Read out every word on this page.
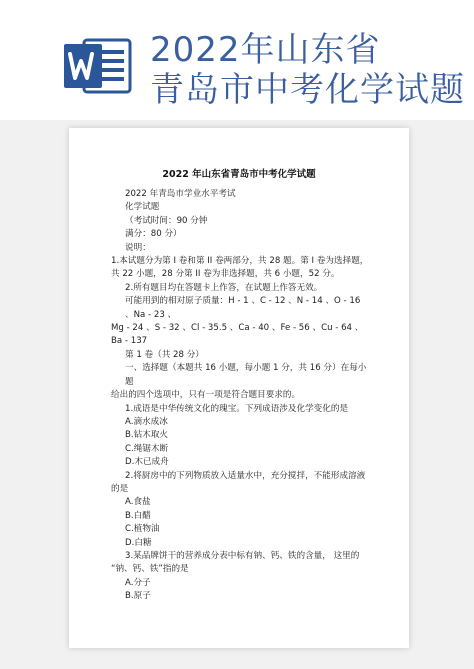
2022年山东省
青岛市中考化学试题
2022 年山东省青岛市中考化学试题

2022 年青岛市学业水平考试

化学试题

（考试时间：90 分钟

满分：80 分）

说明：

1.本试题分为第 I 卷和第 II 卷两部分，共 28 题。第 I 卷为选择题，

共 22 小题，28 分第 II 卷为非选择题，共 6 小题，52 分。

2.所有题目均在答题卡上作答，在试题上作答无效。

可能用到的相对原子质量：H - 1 、C - 12 、N - 14 、O - 16 、Na - 23 、

Mg - 24 、S - 32 、Cl - 35.5 、Ca - 40 、Fe - 56 、Cu - 64 、Ba - 137

第 1 卷（共 28 分）

一、选择题（本题共 16 小题，每小题 1 分，共 16 分）在每小题

给出的四个选项中，只有一项是符合题目要求的。

1.成语是中华传统文化的瑰宝。下列成语涉及化学变化的是

A.滴水成冰

B.钻木取火

C.绳锯木断

D.木已成舟

2.将厨房中的下列物质放入适量水中，充分搅拌，不能形成溶液

的是

A.食盐

B.白醋

C.植物油

D.白糖

3.某品牌饼干的营养成分表中标有钠、钙、铁的含量， 这里的

“钠、钙、铁”指的是

A.分子

B.原子
